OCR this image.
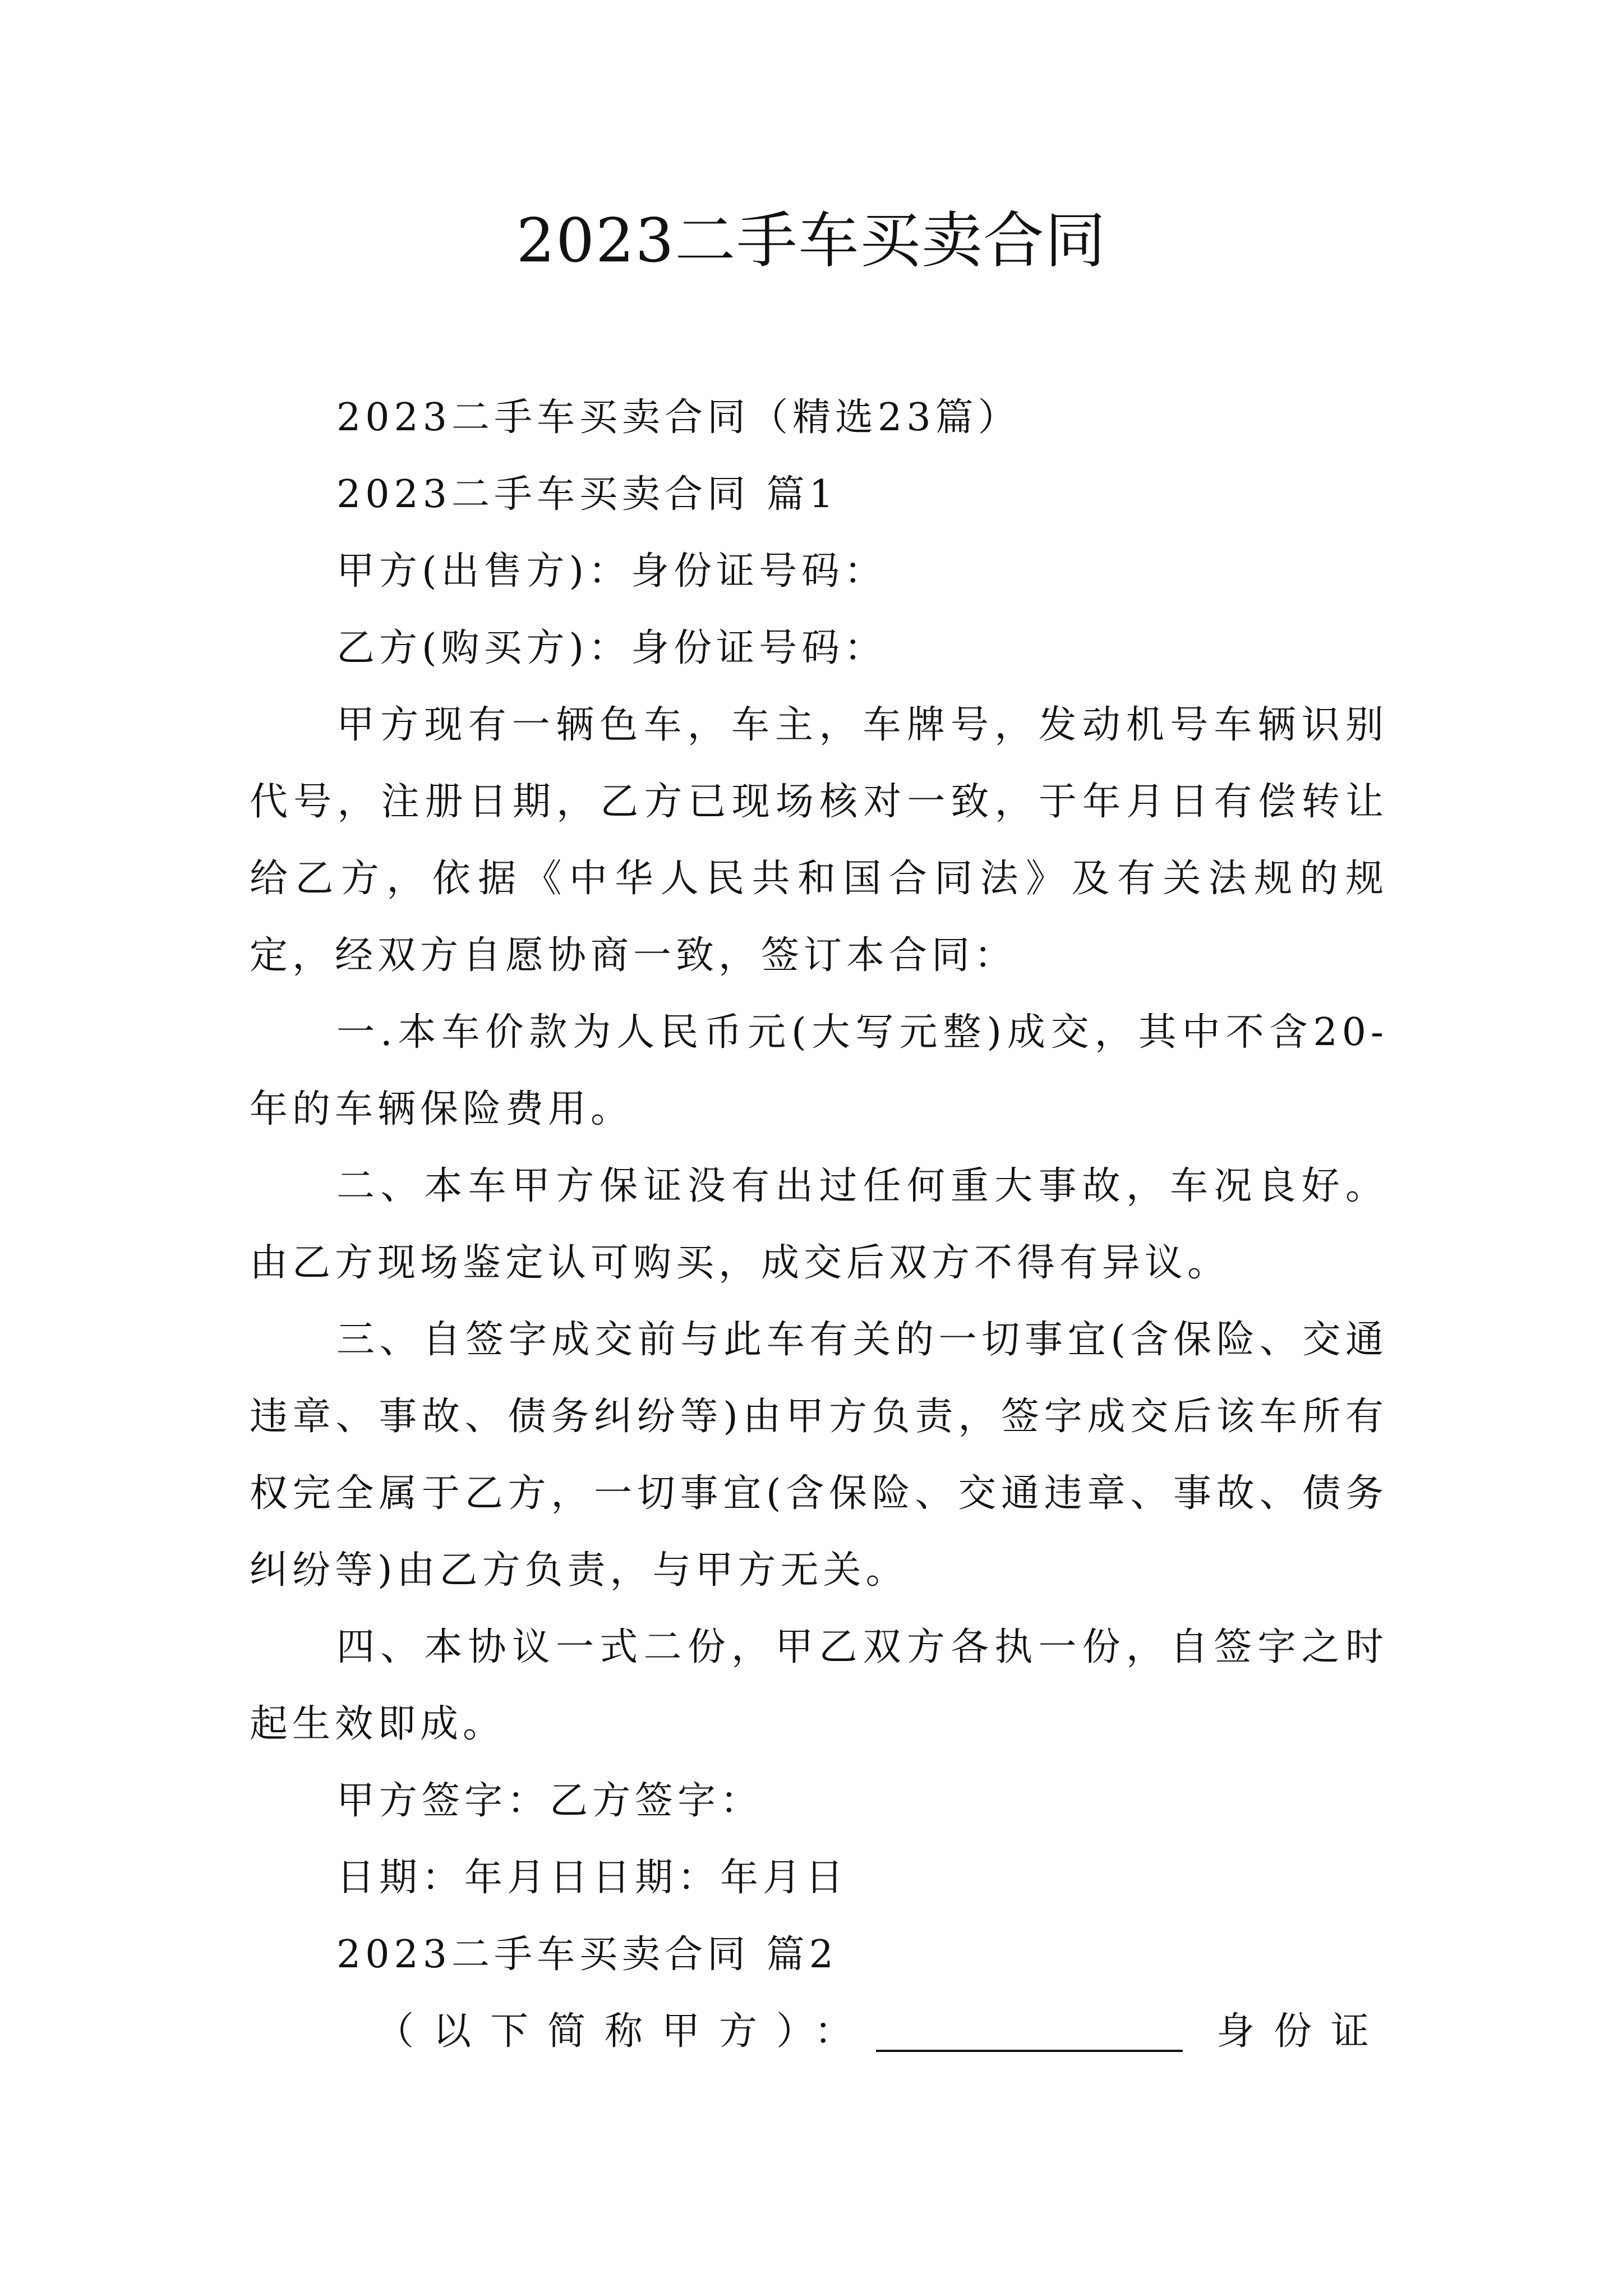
2023二手车买卖合同

2023二手车买卖合同（精选23篇）

2023二手车买卖合同 篇1

甲方(出售方)：身份证号码：

乙方(购买方)：身份证号码：

甲方现有一辆色车，车主，车牌号，发动机号车辆识别代号，注册日期，乙方已现场核对一致，于年月日有偿转让给乙方，依据《中华人民共和国合同法》及有关法规的规定，经双方自愿协商一致，签订本合同：

一.本车价款为人民币元(大写元整)成交，其中不含20-年的车辆保险费用。

二、本车甲方保证没有出过任何重大事故，车况良好。由乙方现场鉴定认可购买，成交后双方不得有异议。

三、自签字成交前与此车有关的一切事宜(含保险、交通违章、事故、债务纠纷等)由甲方负责，签字成交后该车所有权完全属于乙方，一切事宜(含保险、交通违章、事故、债务纠纷等)由乙方负责，与甲方无关。

四、本协议一式二份，甲乙双方各执一份，自签字之时起生效即成。

甲方签字：乙方签字：

日期：年月日日期：年月日

2023二手车买卖合同 篇2

（以下简称甲方）：	身份证
